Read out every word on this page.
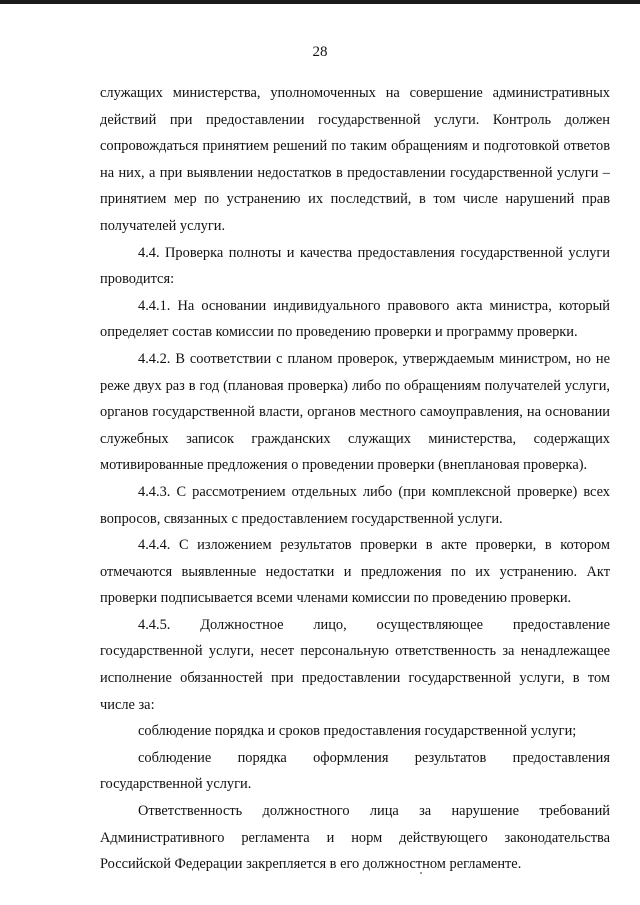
28

служащих министерства, уполномоченных на совершение административных действий при предоставлении государственной услуги. Контроль должен сопровождаться принятием решений по таким обращениям и подготовкой ответов на них, а при выявлении недостатков в предоставлении государственной услуги – принятием мер по устранению их последствий, в том числе нарушений прав получателей услуги.

4.4. Проверка полноты и качества предоставления государственной услуги проводится:

4.4.1. На основании индивидуального правового акта министра, который определяет состав комиссии по проведению проверки и программу проверки.

4.4.2. В соответствии с планом проверок, утверждаемым министром, но не реже двух раз в год (плановая проверка) либо по обращениям получателей услуги, органов государственной власти, органов местного самоуправления, на основании служебных записок гражданских служащих министерства, содержащих мотивированные предложения о проведении проверки (внеплановая проверка).

4.4.3. С рассмотрением отдельных либо (при комплексной проверке) всех вопросов, связанных с предоставлением государственной услуги.

4.4.4. С изложением результатов проверки в акте проверки, в котором отмечаются выявленные недостатки и предложения по их устранению. Акт проверки подписывается всеми членами комиссии по проведению проверки.

4.4.5. Должностное лицо, осуществляющее предоставление государственной услуги, несет персональную ответственность за ненадлежащее исполнение обязанностей при предоставлении государственной услуги, в том числе за:

соблюдение порядка и сроков предоставления государственной услуги;

соблюдение порядка оформления результатов предоставления государственной услуги.

Ответственность должностного лица за нарушение требований Административного регламента и норм действующего законодательства Российской Федерации закрепляется в его должностном регламенте.
